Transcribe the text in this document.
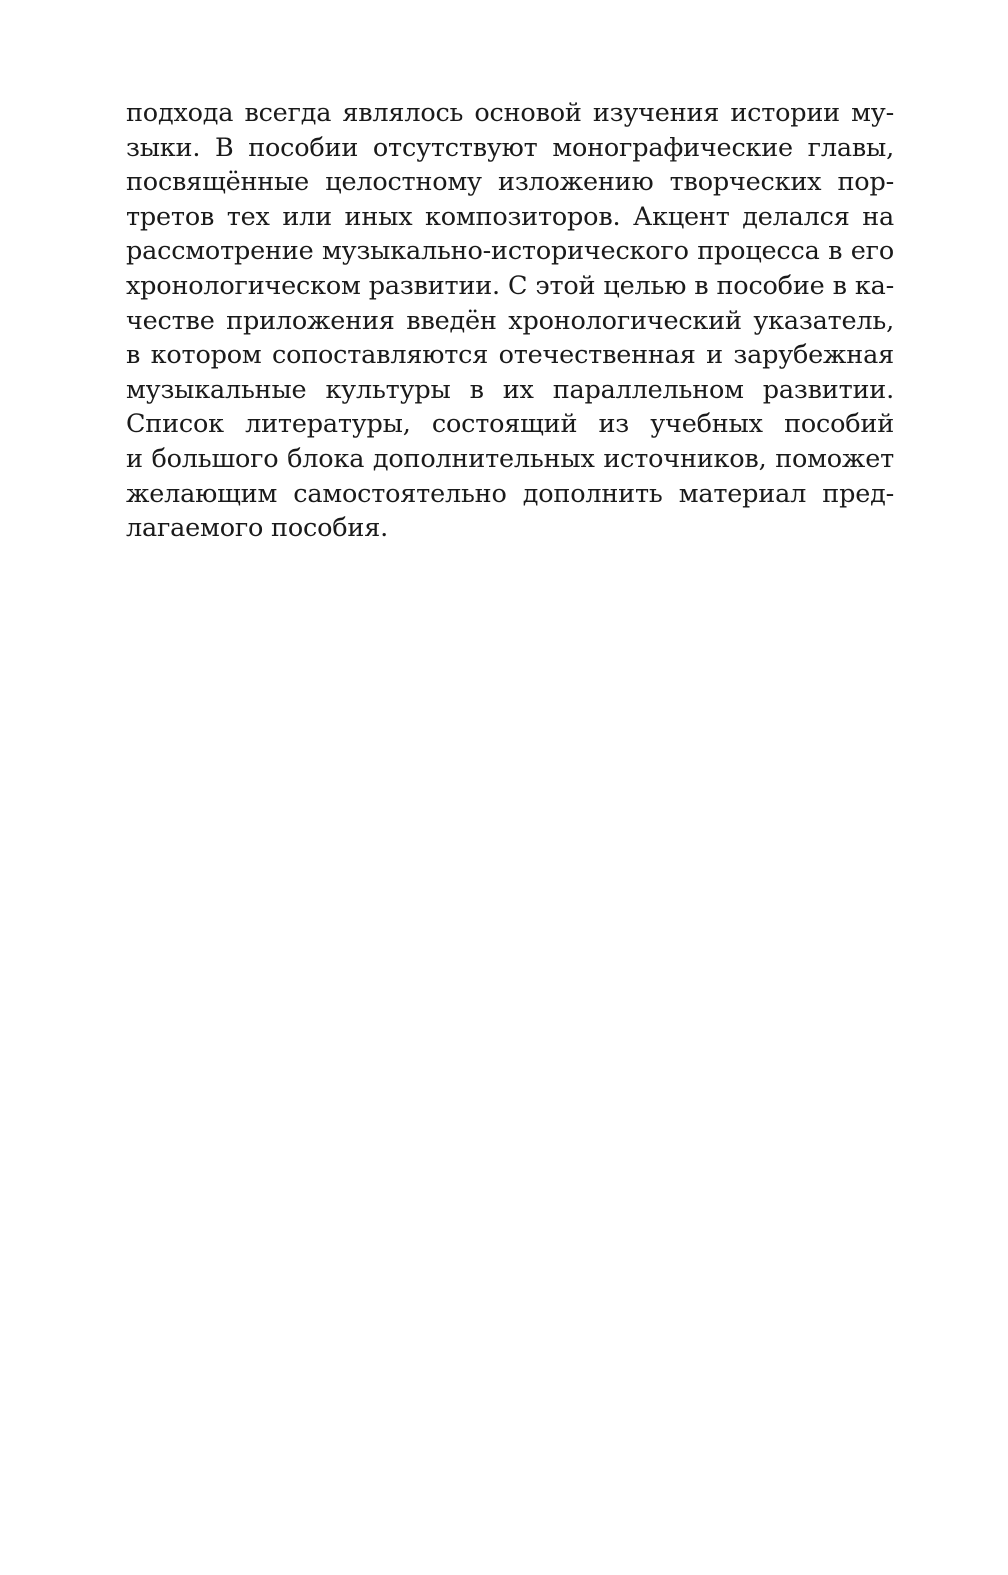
подхода всегда являлось основой изучения истории му-
зыки. В пособии отсутствуют монографические главы,
посвящённые целостному изложению творческих пор-
третов тех или иных композиторов. Акцент делался на
рассмотрение музыкально-исторического процесса в его
хронологическом развитии. С этой целью в пособие в ка-
честве приложения введён хронологический указатель,
в котором сопоставляются отечественная и зарубежная
музыкальные культуры в их параллельном развитии.
Список литературы, состоящий из учебных пособий
и большого блока дополнительных источников, поможет
желающим самостоятельно дополнить материал пред-
лагаемого пособия.
